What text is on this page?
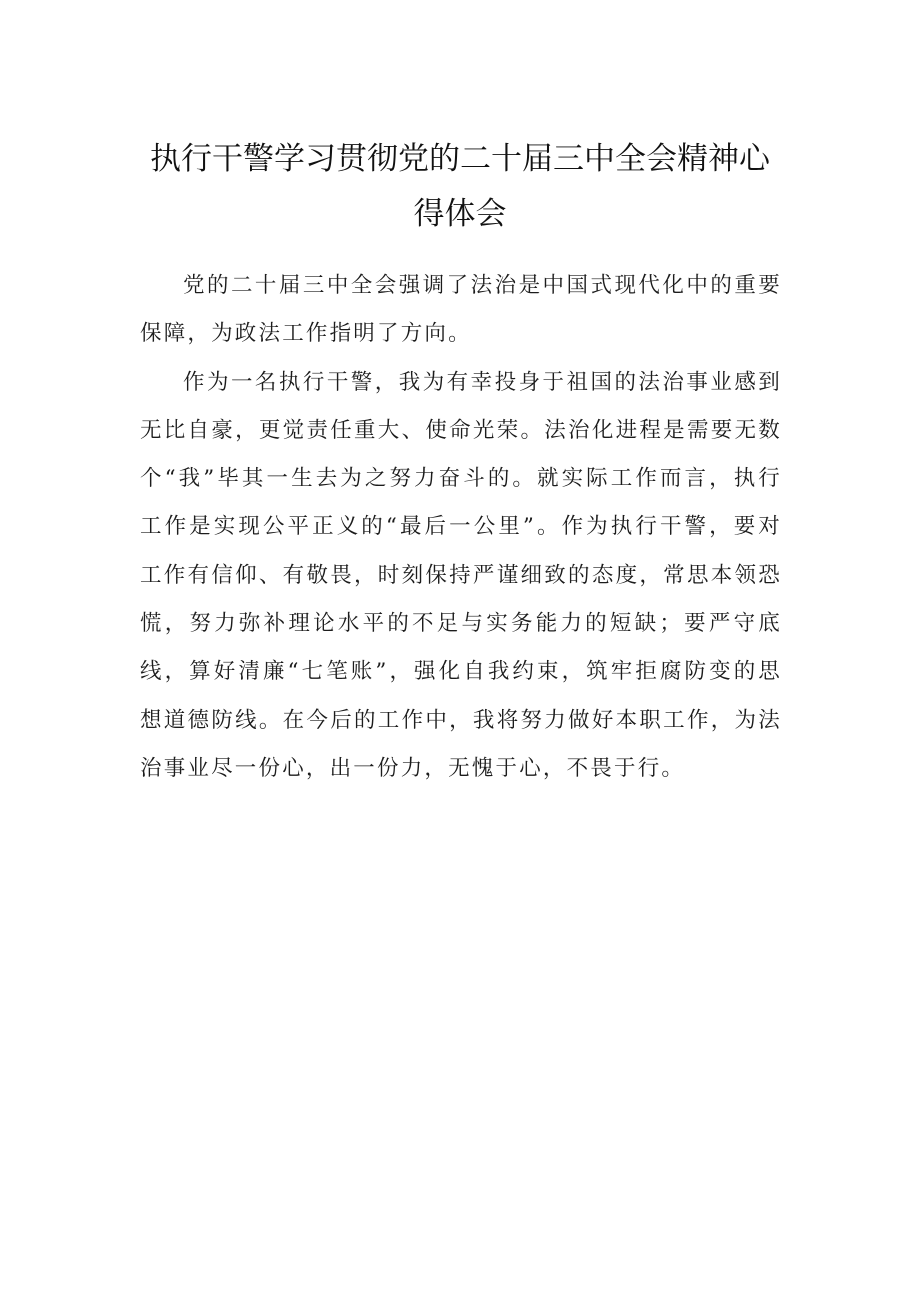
执行干警学习贯彻党的二十届三中全会精神心得体会

党的二十届三中全会强调了法治是中国式现代化中的重要保障，为政法工作指明了方向。

作为一名执行干警，我为有幸投身于祖国的法治事业感到无比自豪，更觉责任重大、使命光荣。法治化进程是需要无数个“我”毕其一生去为之努力奋斗的。就实际工作而言，执行工作是实现公平正义的“最后一公里”。作为执行干警，要对工作有信仰、有敬畏，时刻保持严谨细致的态度，常思本领恐慌，努力弥补理论水平的不足与实务能力的短缺；要严守底线，算好清廉“七笔账”，强化自我约束，筑牢拒腐防变的思想道德防线。在今后的工作中，我将努力做好本职工作，为法治事业尽一份心，出一份力，无愧于心，不畏于行。
